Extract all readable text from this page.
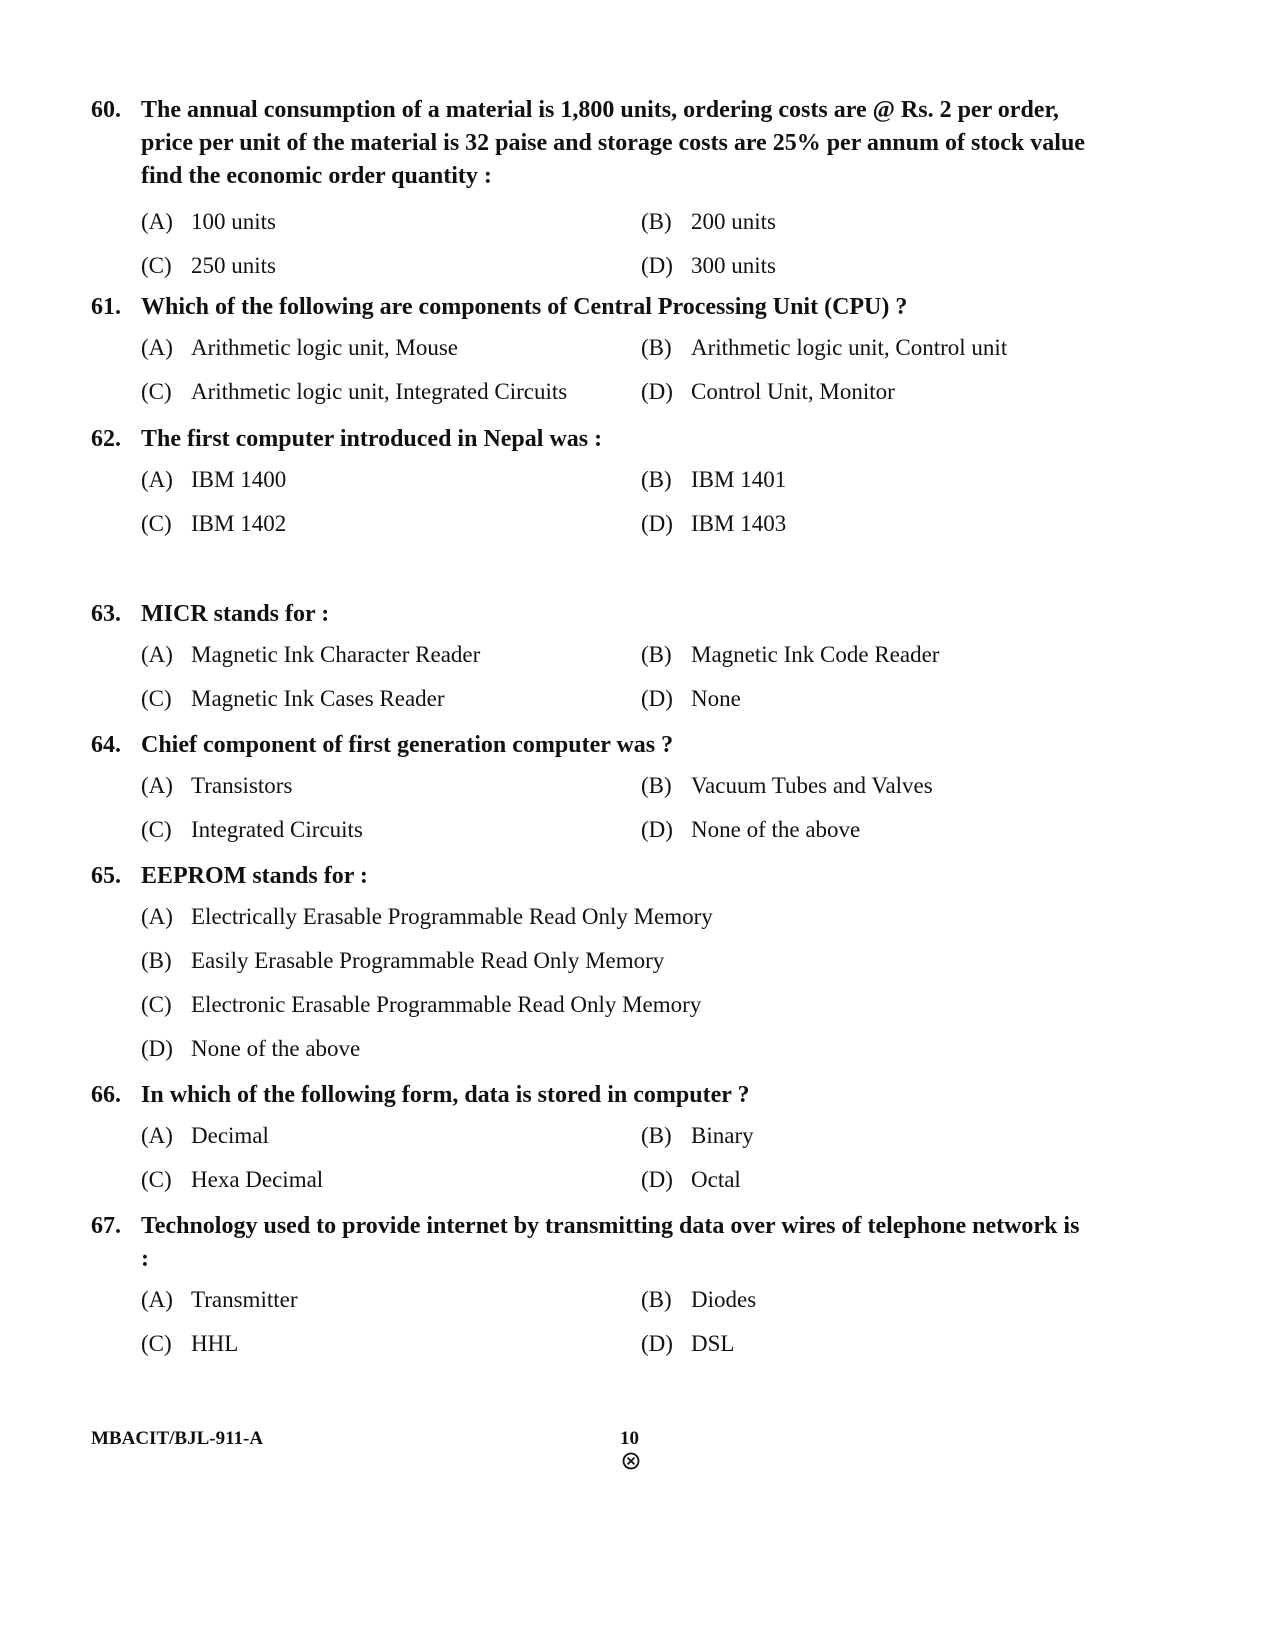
60. The annual consumption of a material is 1,800 units, ordering costs are @ Rs. 2 per order, price per unit of the material is 32 paise and storage costs are 25% per annum of stock value find the economic order quantity :
(A) 100 units	(B) 200 units
(C) 250 units	(D) 300 units
61. Which of the following are components of Central Processing Unit (CPU) ?
(A) Arithmetic logic unit, Mouse	(B) Arithmetic logic unit, Control unit
(C) Arithmetic logic unit, Integrated Circuits	(D) Control Unit, Monitor
62. The first computer introduced in Nepal was :
(A) IBM 1400	(B) IBM 1401
(C) IBM 1402	(D) IBM 1403
63. MICR stands for :
(A) Magnetic Ink Character Reader	(B) Magnetic Ink Code Reader
(C) Magnetic Ink Cases Reader	(D) None
64. Chief component of first generation computer was ?
(A) Transistors	(B) Vacuum Tubes and Valves
(C) Integrated Circuits	(D) None of the above
65. EEPROM stands for :
(A) Electrically Erasable Programmable Read Only Memory
(B) Easily Erasable Programmable Read Only Memory
(C) Electronic Erasable Programmable Read Only Memory
(D) None of the above
66. In which of the following form, data is stored in computer ?
(A) Decimal	(B) Binary
(C) Hexa Decimal	(D) Octal
67. Technology used to provide internet by transmitting data over wires of telephone network is :
(A) Transmitter	(B) Diodes
(C) HHL	(D) DSL
MBACIT/BJL-911-A	10
